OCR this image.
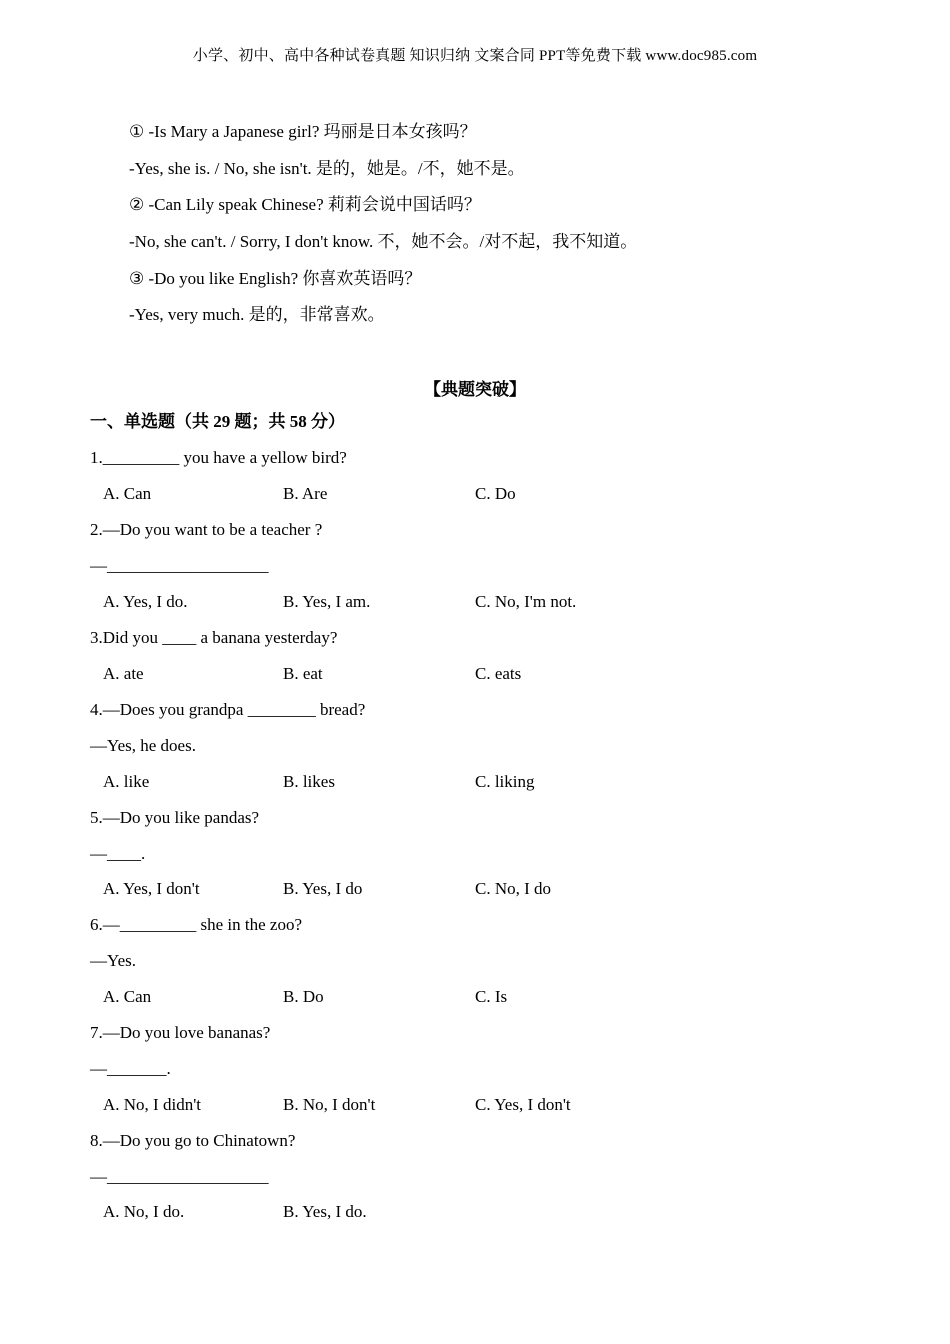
小学、初中、高中各种试卷真题 知识归纳 文案合同 PPT等免费下载 www.doc985.com
① -Is Mary a Japanese girl? 玛丽是日本女孩吗？
-Yes, she is. / No, she isn't. 是的，她是。/不，她不是。
② -Can Lily speak Chinese? 莉莉会说中国话吗？
-No, she can't. / Sorry, I don't know. 不，她不会。/对不起，我不知道。
③ -Do you like English? 你喜欢英语吗？
-Yes, very much. 是的，非常喜欢。
【典题突破】
一、单选题（共 29 题；共 58 分）
1._________ you have a yellow bird?
A. Can	B. Are	C. Do
2.—Do you want to be a teacher ?
—___________________
A. Yes, I do.	B. Yes, I am.	C. No, I'm not.
3.Did you ____ a banana yesterday?
A. ate	B. eat	C. eats
4.—Does you grandpa ________ bread?
—Yes, he does.
A. like	B. likes	C. liking
5.—Do you like pandas?
—____.
A. Yes, I don't	B. Yes, I do	C. No, I do
6.—_________ she in the zoo?
—Yes.
A. Can	B. Do	C. Is
7.—Do you love bananas?
—_______.
A. No, I didn't	B. No, I don't	C. Yes, I don't
8.—Do you go to Chinatown?
—___________________
A. No, I do.	B. Yes, I do.
